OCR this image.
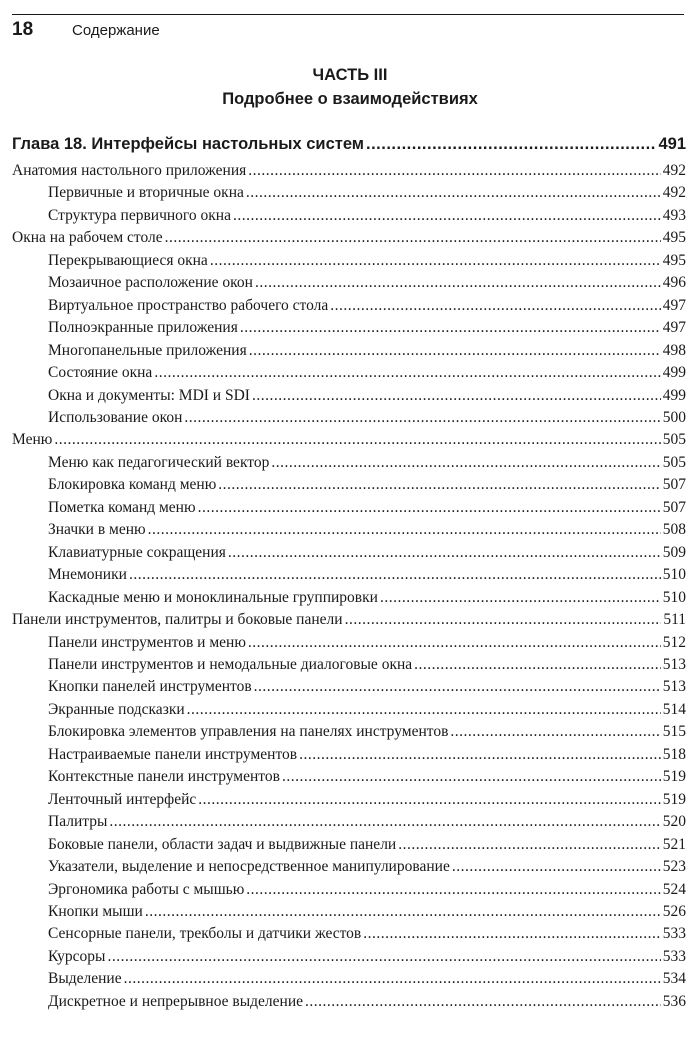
18	Содержание
ЧАСТЬ III
Подробнее о взаимодействиях
Глава 18. Интерфейсы настольных систем .....	491
Анатомия настольного приложения .....	492
Первичные и вторичные окна .....	492
Структура первичного окна .....	493
Окна на рабочем столе .....	495
Перекрывающиеся окна .....	495
Мозаичное расположение окон .....	496
Виртуальное пространство рабочего стола .....	497
Полноэкранные приложения .....	497
Многопанельные приложения .....	498
Состояние окна .....	499
Окна и документы: MDI и SDI .....	499
Использование окон .....	500
Меню .....	505
Меню как педагогический вектор .....	505
Блокировка команд меню .....	507
Пометка команд меню .....	507
Значки в меню .....	508
Клавиатурные сокращения .....	509
Мнемоники .....	510
Каскадные меню и моноклинальные группировки .....	510
Панели инструментов, палитры и боковые панели .....	511
Панели инструментов и меню .....	512
Панели инструментов и немодальные диалоговые окна .....	513
Кнопки панелей инструментов .....	513
Экранные подсказки .....	514
Блокировка элементов управления на панелях инструментов .....	515
Настраиваемые панели инструментов .....	518
Контекстные панели инструментов .....	519
Ленточный интерфейс .....	519
Палитры .....	520
Боковые панели, области задач и выдвижные панели .....	521
Указатели, выделение и непосредственное манипулирование .....	523
Эргономика работы с мышью .....	524
Кнопки мыши .....	526
Сенсорные панели, трекболы и датчики жестов .....	533
Курсоры .....	533
Выделение .....	534
Дискретное и непрерывное выделение .....	536
